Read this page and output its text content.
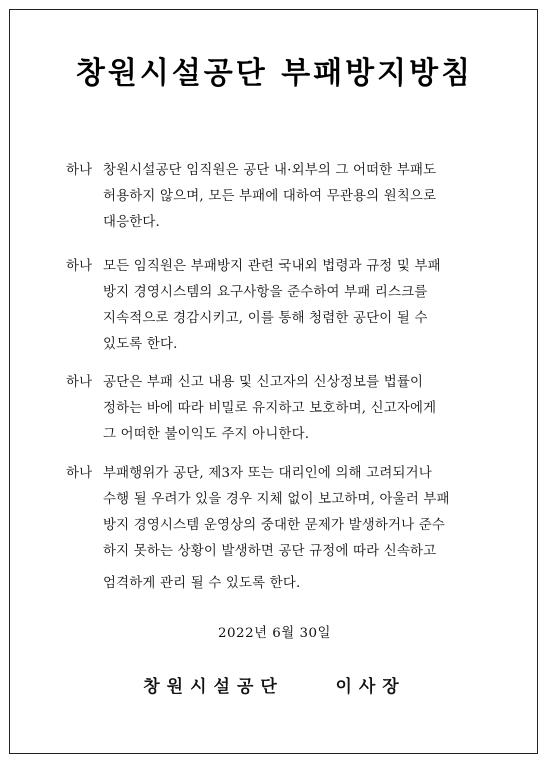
창원시설공단 부패방지방침
하나 창원시설공단 임직원은 공단 내·외부의 그 어떠한 부패도
허용하지 않으며, 모든 부패에 대하여 무관용의 원칙으로
대응한다.
하나 모든 임직원은 부패방지 관련 국내외 법령과 규정 및 부패
방지 경영시스템의 요구사항을 준수하여 부패 리스크를
지속적으로 경감시키고, 이를 통해 청렴한 공단이 될 수
있도록 한다.
하나 공단은 부패 신고 내용 및 신고자의 신상정보를 법률이
정하는 바에 따라 비밀로 유지하고 보호하며, 신고자에게
그 어떠한 불이익도 주지 아니한다.
하나 부패행위가 공단, 제3자 또는 대리인에 의해 고려되거나
수행 될 우려가 있을 경우 지체 없이 보고하며, 아울러 부패
방지 경영시스템 운영상의 중대한 문제가 발생하거나 준수
하지 못하는 상황이 발생하면 공단 규정에 따라 신속하고
엄격하게 관리 될 수 있도록 한다.
2022년 6월 30일
창원시설공단    이사장
